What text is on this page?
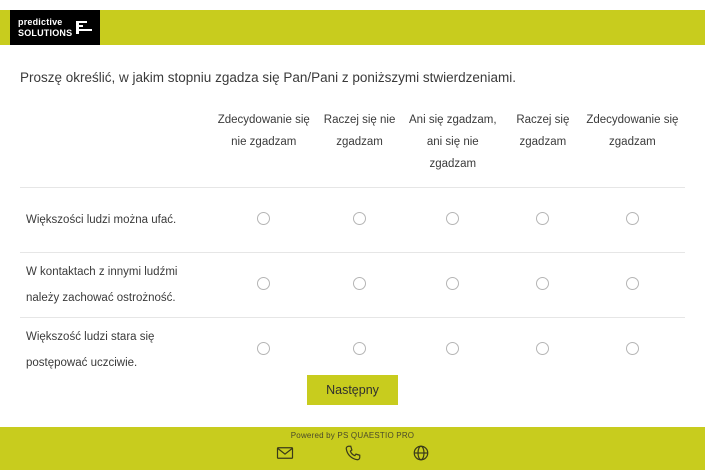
predictive
SOLUTIONS
Proszę określić, w jakim stopniu zgadza się Pan/Pani z poniższymi stwierdzeniami.
	Zdecydowanie się nie zgadzam	Raczej się nie zgadzam	Ani się zgadzam, ani się nie zgadzam	Raczej się zgadzam	Zdecydowanie się zgadzam
Większości ludzi można ufać.					
W kontaktach z innymi ludźmi należy zachować ostrożność.					
Większość ludzi stara się postępować uczciwie.					
Następny
Powered by PS QUAESTIO PRO
